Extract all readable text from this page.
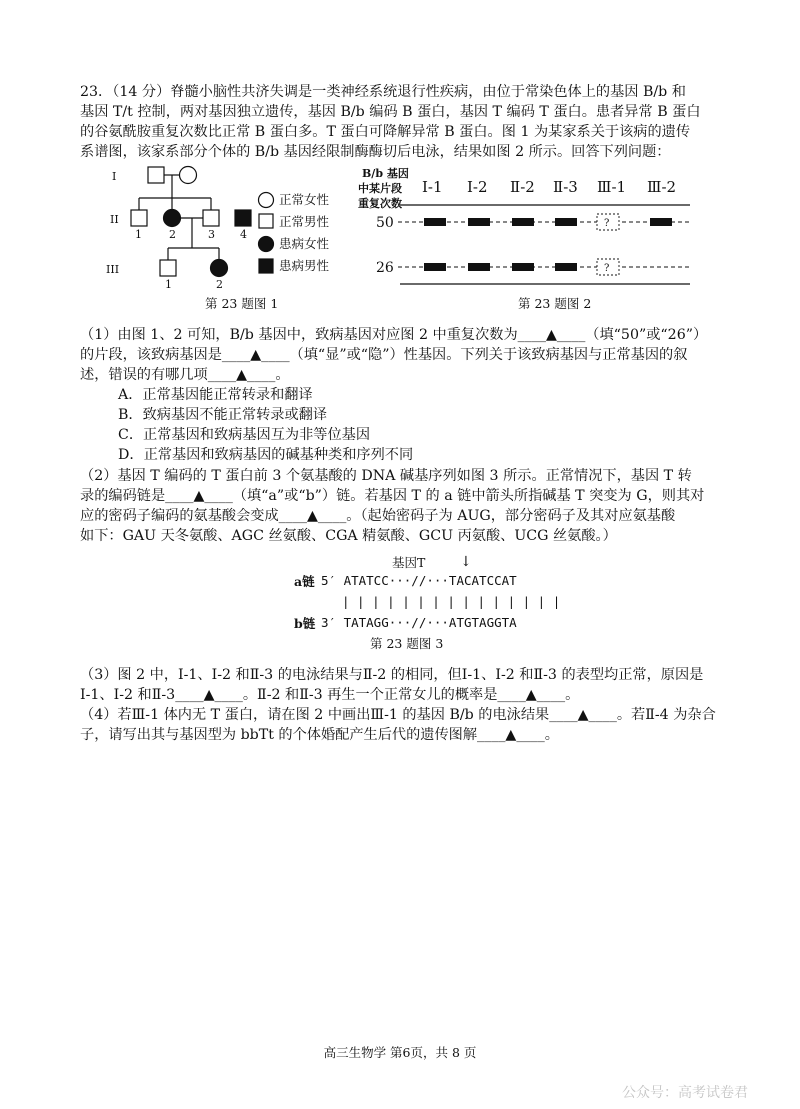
23．（14 分）脊髓小脑性共济失调是一类神经系统退行性疾病，由位于常染色体上的基因 B/b 和
基因 T/t 控制，两对基因独立遗传，基因 B/b 编码 B 蛋白，基因 T 编码 T 蛋白。患者异常 B 蛋白
的谷氨酰胺重复次数比正常 B 蛋白多。T 蛋白可降解异常 B 蛋白。图 1 为某家系关于该病的遗传
系谱图，该家系部分个体的 B/b 基因经限制酶酶切后电泳，结果如图 2 所示。回答下列问题：
I
II
III
1 2	3 4
1	2
正常女性
正常男性
患病女性
患病男性
第 23 题图 1
B/b 基因
中某片段
重复次数
Ⅰ-1 Ⅰ-2 Ⅱ-2 Ⅱ-3 Ⅲ-1 Ⅲ-2
50
26
?
?
第 23 题图 2
（1）由图 1、2 可知，B/b 基因中，致病基因对应图 2 中重复次数为____▲____（填“50”或“26”）
的片段，该致病基因是____▲____（填“显”或“隐”）性基因。下列关于该致病基因与正常基因的叙
述，错误的有哪几项____▲____。
A．正常基因能正常转录和翻译
B．致病基因不能正常转录或翻译
C．正常基因和致病基因互为非等位基因
D．正常基因和致病基因的碱基种类和序列不同
（2）基因 T 编码的 T 蛋白前 3 个氨基酸的 DNA 碱基序列如图 3 所示。正常情况下，基因 T 转
录的编码链是____▲____（填“a”或“b”）链。若基因 T 的 a 链中箭头所指碱基 T 突变为 G，则其对
应的密码子编码的氨基酸会变成____▲____。（起始密码子为 AUG，部分密码子及其对应氨基酸
如下：GAU 天冬氨酸、AGC 丝氨酸、CGA 精氨酸、GCU 丙氨酸、UCG 丝氨酸。）
基因T ↓
a链 5′ ATATCC···//···TACATCCAT
| | | | | | | | | | | | | | |
b链 3′ TATAGG···//···ATGTAGGTA
第 23 题图 3
（3）图 2 中，Ⅰ-1、Ⅰ-2 和Ⅱ-3 的电泳结果与Ⅱ-2 的相同，但Ⅰ-1、Ⅰ-2 和Ⅱ-3 的表型均正常，原因是
Ⅰ-1、Ⅰ-2 和Ⅱ-3____▲____。Ⅱ-2 和Ⅱ-3 再生一个正常女儿的概率是____▲____。
（4）若Ⅲ-1 体内无 T 蛋白，请在图 2 中画出Ⅲ-1 的基因 B/b 的电泳结果____▲____。若Ⅱ-4 为杂合
子，请写出其与基因型为 bbTt 的个体婚配产生后代的遗传图解____▲____。
高三生物学 第6页，共 8 页
公众号：高考试卷君
